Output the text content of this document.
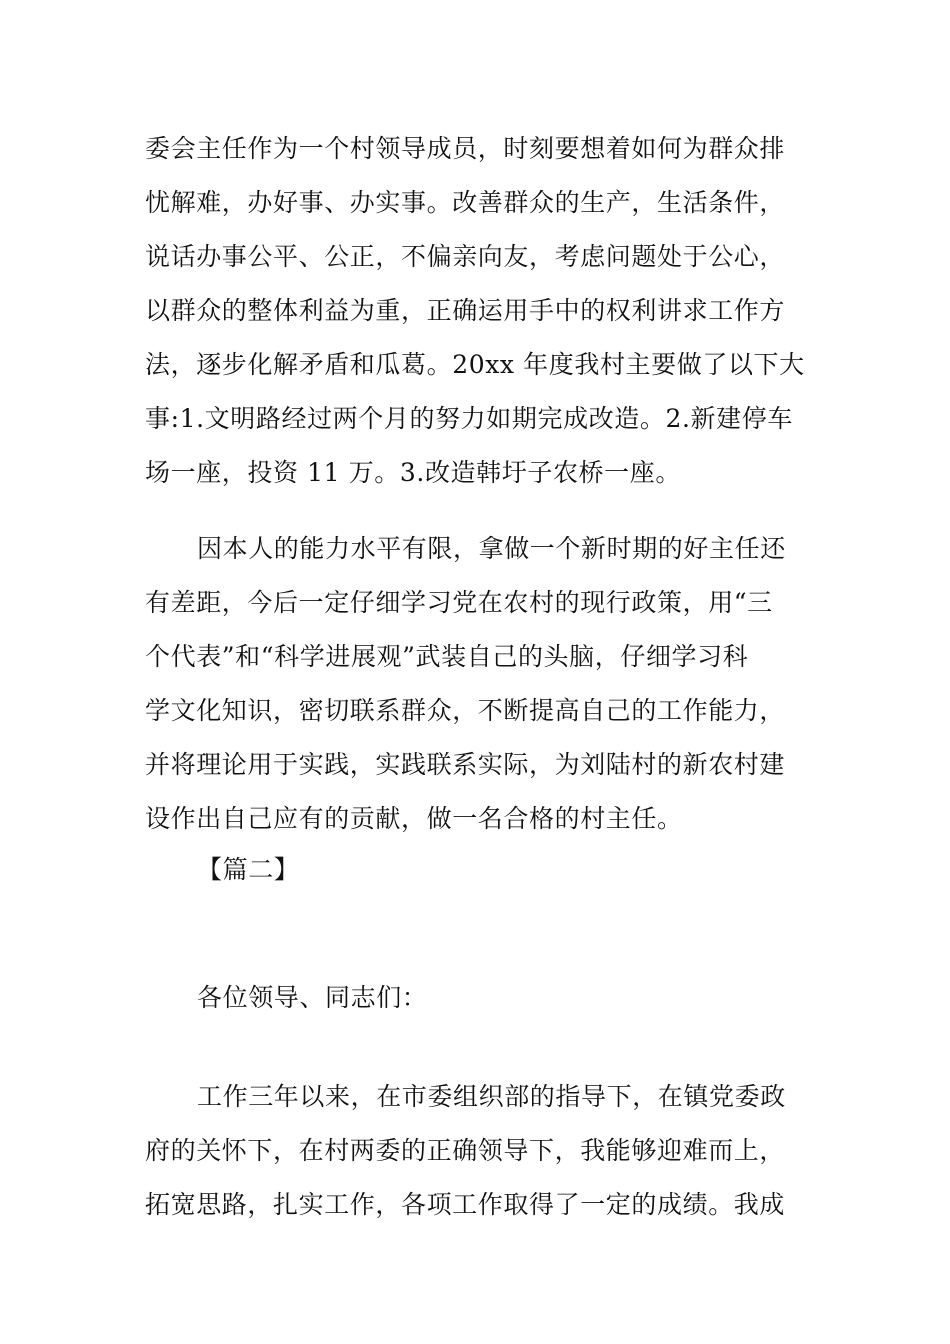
委会主任作为一个村领导成员，时刻要想着如何为群众排
忧解难，办好事、办实事。改善群众的生产，生活条件，
说话办事公平、公正，不偏亲向友，考虑问题处于公心，
以群众的整体利益为重，正确运用手中的权利讲求工作方
法，逐步化解矛盾和瓜葛。20xx 年度我村主要做了以下大
事:1.文明路经过两个月的努力如期完成改造。2.新建停车
场一座，投资 11 万。3.改造韩圩子农桥一座。
因本人的能力水平有限，拿做一个新时期的好主任还
有差距，今后一定仔细学习党在农村的现行政策，用“三
个代表”和“科学进展观”武装自己的头脑，仔细学习科
学文化知识，密切联系群众，不断提高自己的工作能力，
并将理论用于实践，实践联系实际，为刘陆村的新农村建
设作出自己应有的贡献，做一名合格的村主任。
【篇二】
各位领导、同志们：
工作三年以来，在市委组织部的指导下，在镇党委政
府的关怀下，在村两委的正确领导下，我能够迎难而上，
拓宽思路，扎实工作，各项工作取得了一定的成绩。我成
